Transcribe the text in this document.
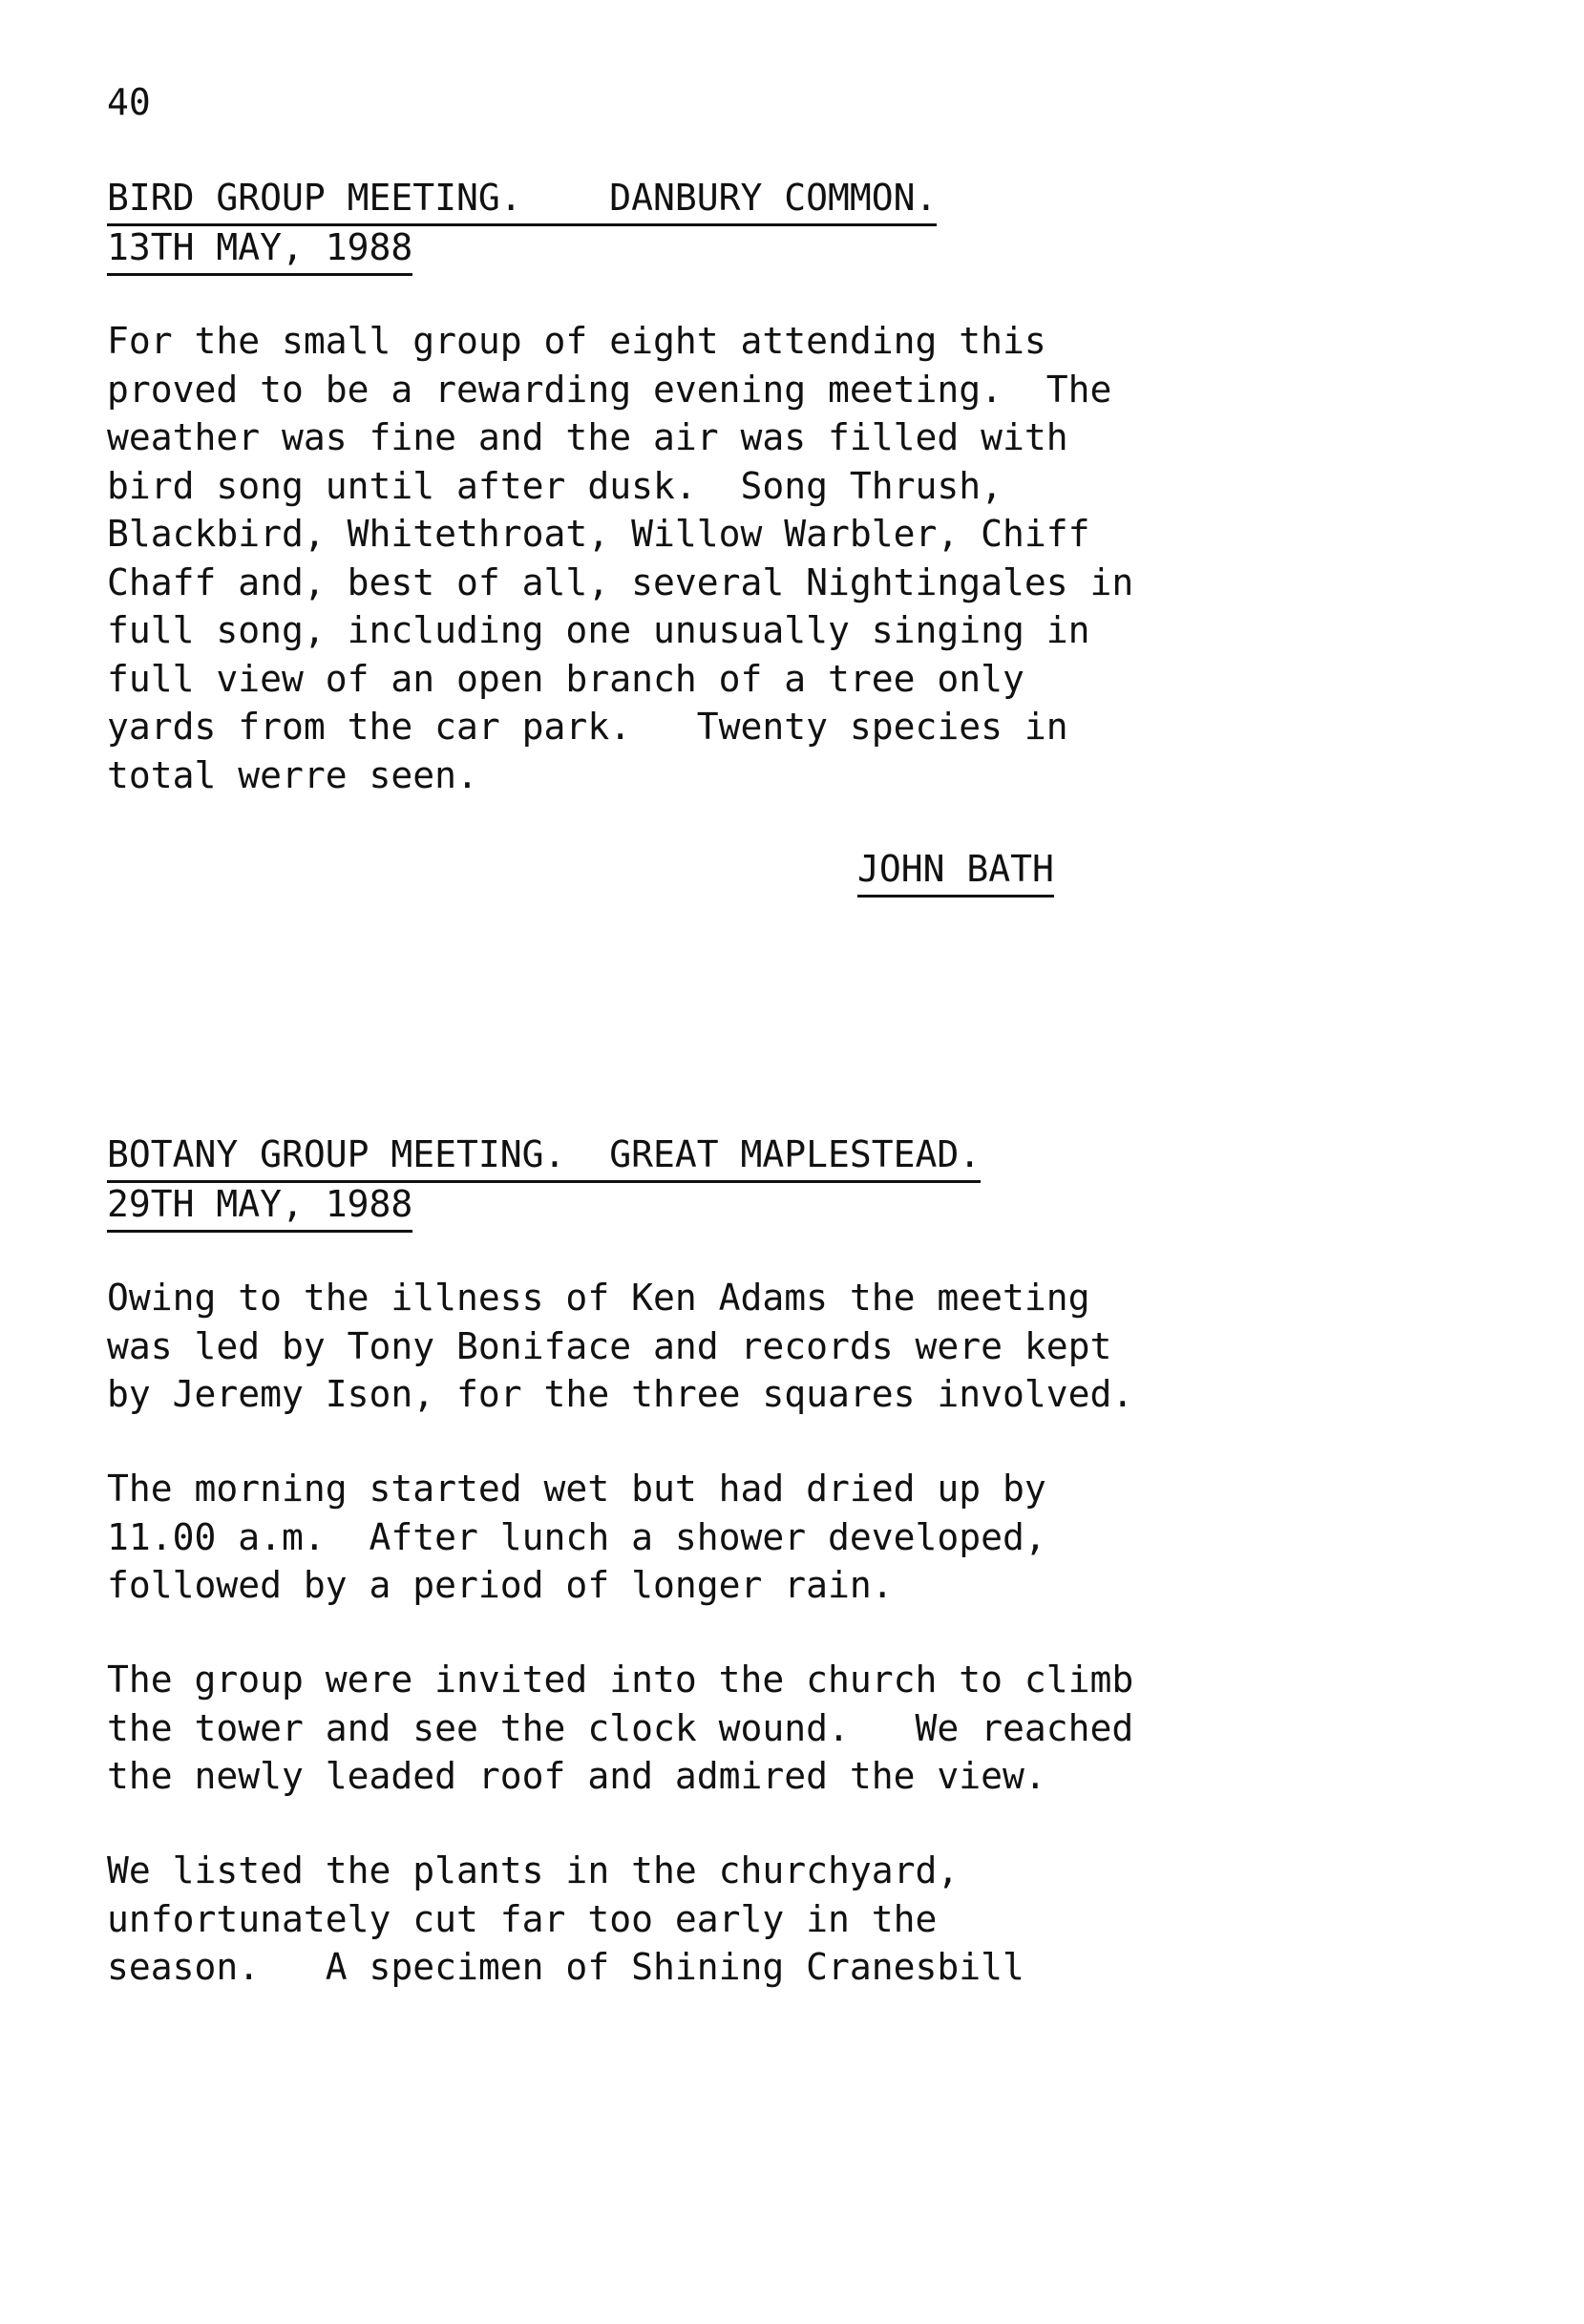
40
BIRD GROUP MEETING. DANBURY COMMON.
13TH MAY, 1988

For the small group of eight attending this
proved to be a rewarding evening meeting.  The
weather was fine and the air was filled with
bird song until after dusk.  Song Thrush,
Blackbird, Whitethroat, Willow Warbler, Chiff
Chaff and, best of all, several Nightingales in
full song, including one unusually singing in
full view of an open branch of a tree only
yards from the car park.   Twenty species in
total werre seen.

JOHN BATH
BOTANY GROUP MEETING. GREAT MAPLESTEAD.
29TH MAY, 1988

Owing to the illness of Ken Adams the meeting
was led by Tony Boniface and records were kept
by Jeremy Ison, for the three squares involved.

The morning started wet but had dried up by
11.00 a.m.  After lunch a shower developed,
followed by a period of longer rain.

The group were invited into the church to climb
the tower and see the clock wound.   We reached
the newly leaded roof and admired the view.

We listed the plants in the churchyard,
unfortunately cut far too early in the
season.   A specimen of Shining Cranesbill
